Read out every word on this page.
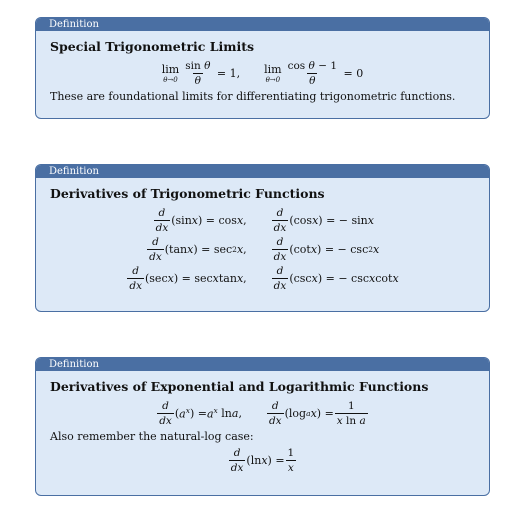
Definition
Special Trigonometric Limits
lim
$\theta\to 0 \frac{\text{sin θ}}{\theta} = 1$, lim
$\theta\to 0 \frac{\text{cos θ − 1}}{\theta} = 0$
These are foundational limits for differentiating trigonometric functions.
Definition
Derivatives of Trigonometric Functions
$\frac{d}{dx} (\sin$ x ) = cos x , $\frac{d}{dx} (\cos$ x ) = − sin x
$\frac{d}{dx} (\tan$ x ) = sec 2 x , $\frac{d}{dx} (\cot$ x ) = − csc 2 x
$\frac{d}{dx} (\sec$ x ) = sec x tan x , $\frac{d}{dx} (\csc$ x ) = − csc x cot x
Definition
Derivatives of Exponential and Logarithmic Functions
$\frac{d}{dx}$ ( $a^x$ ) = $a^x$ ln a , $\frac{d}{dx} (\log$ a x ) = $\frac{1}{\text{x ln a}}$
Also remember the natural-log case:
$\frac{d}{dx} (\ln$ x ) = $\frac{1}{x}$
